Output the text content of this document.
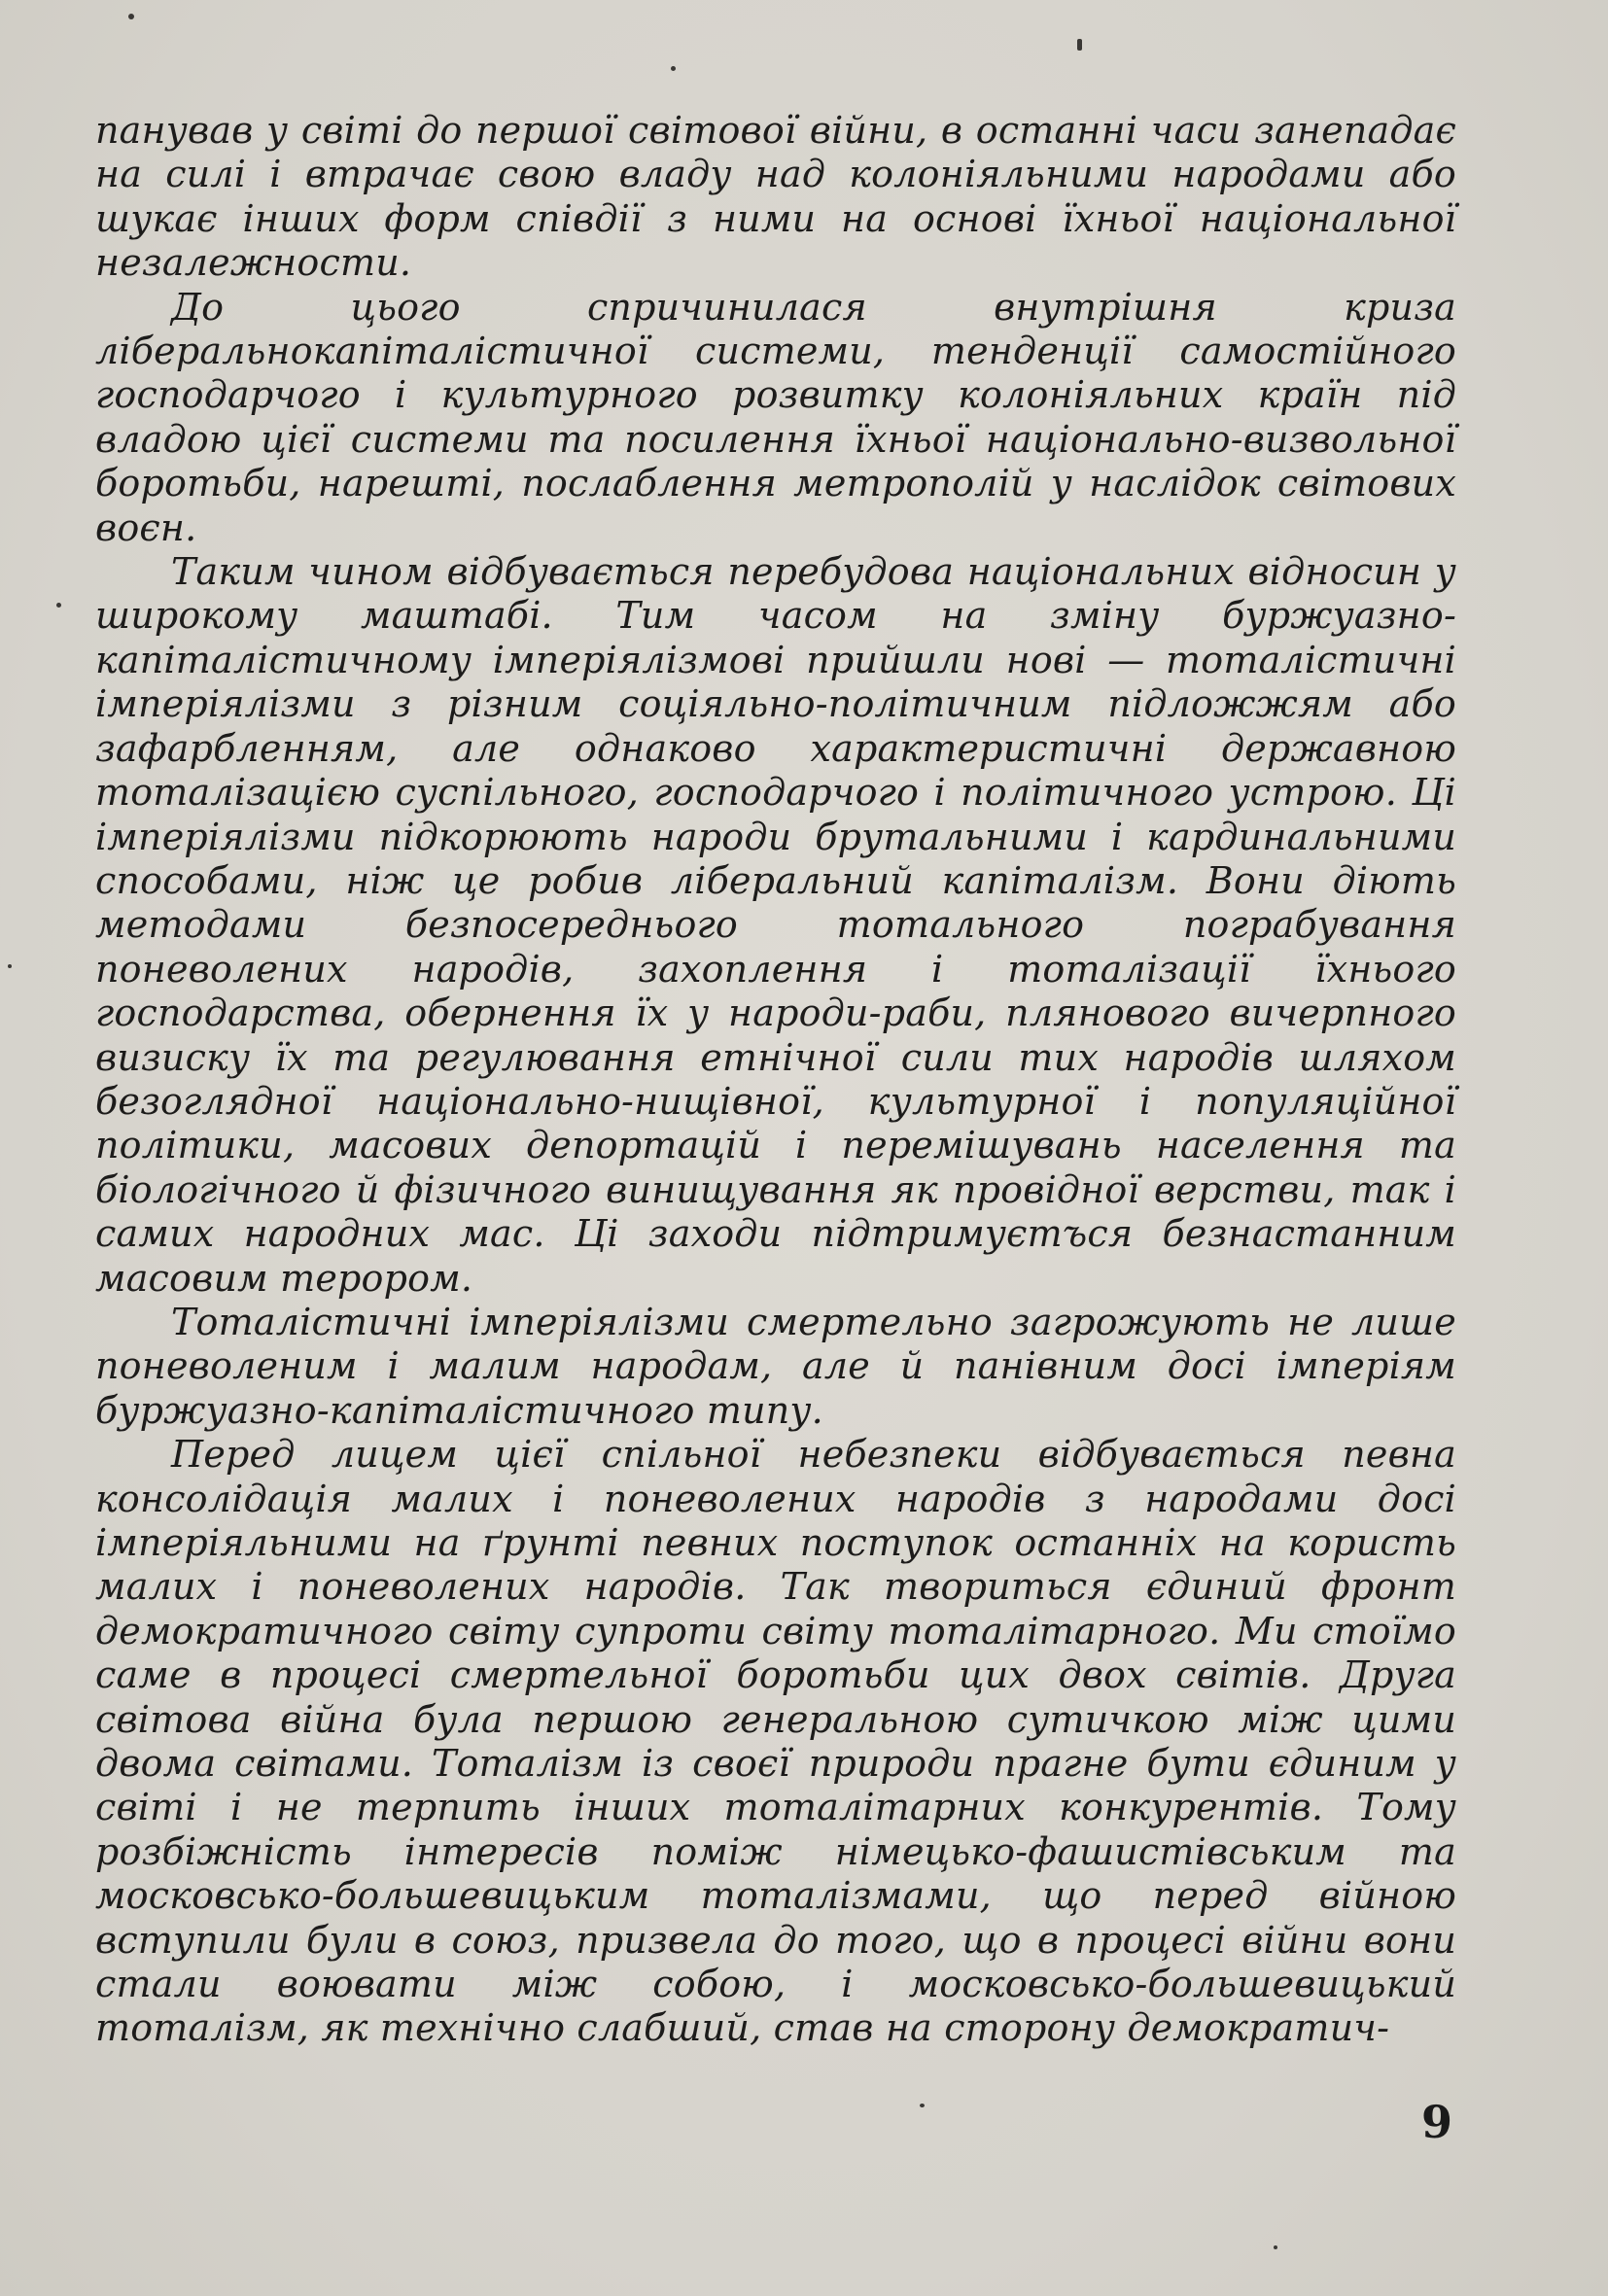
панував у світі до першої світової війни, в останні часи занепадає на силі і втрачає свою владу над колоніяльними народами або шукає інших форм співдії з ними на основі їхньої національної незалежности.

До цього спричинилася внутрішня криза ліберальнокапіталістичної системи, тенденції самостійного господарчого і культурного розвитку колоніяльних країн під владою цієї системи та посилення їхньої національно-визвольної боротьби, нарешті, послаблення метрополій у наслідок світових воєн.

Таким чином відбувається перебудова національних відносин у широкому маштабі. Тим часом на зміну буржуазно-капіталістичному імперіялізмові прийшли нові — тоталістичні імперіялізми з різним соціяльно-політичним підложжям або зафарбленням, але однаково характеристичні державною тоталізацією суспільного, господарчого і політичного устрою. Ці імперіялізми підкорюють народи брутальними і кардинальними способами, ніж це робив ліберальний капіталізм. Вони діють методами безпосереднього тотального пограбування поневолених народів, захоплення і тоталізації їхнього господарства, обернення їх у народи-раби, плянового вичерпного визиску їх та регулювання етнічної сили тих народів шляхом безоглядної національно-нищівної, культурної і популяційної політики, масових депортацій і перемішувань населення та біологічного й фізичного винищування як провідної верстви, так і самих народних мас. Ці заходи підтримуєтъся безнастанним масовим терором.

Тоталістичні імперіялізми смертельно загрожують не лише поневоленим і малим народам, але й панівним досі імперіям буржуазно-капіталістичного типу.

Перед лицем цієї спільної небезпеки відбувається певна консолідація малих і поневолених народів з народами досі імперіяльними на ґрунті певних поступок останніх на користь малих і поневолених народів. Так твориться єдиний фронт демократичного світу супроти світу тоталітарного. Ми стоїмо саме в процесі смертельної боротьби цих двох світів. Друга світова війна була першою генеральною сутичкою між цими двома світами. Тоталізм із своєї природи прагне бути єдиним у світі і не терпить інших тоталітарних конкурентів. Тому розбіжність інтересів поміж німецько-фашистівським та московсько-большевицьким тоталізмами, що перед війною вступили були в союз, призвела до того, що в процесі війни вони стали воювати між собою, і московсько-большевицький тоталізм, як технічно слабший, став на сторону демократич-

9
